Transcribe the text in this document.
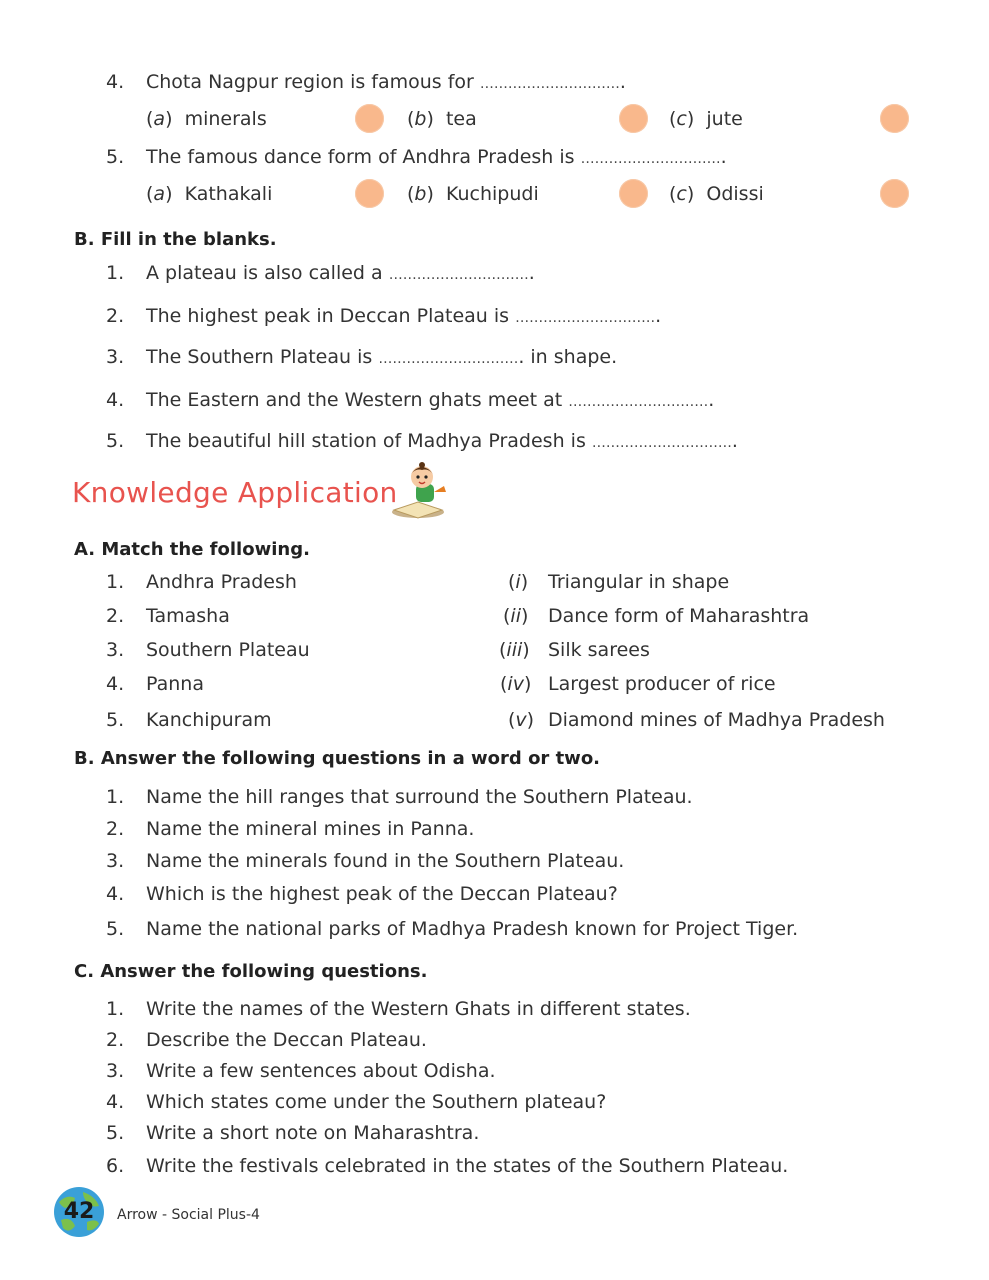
4.	Chota Nagpur region is famous for ………………………….
(a)  minerals	(b)  tea	(c)  jute
5.	The famous dance form of Andhra Pradesh is ………………………….
(a)  Kathakali	(b)  Kuchipudi	(c)  Odissi
B. Fill in the blanks.
1.	A plateau is also called a ………………………….
2.	The highest peak in Deccan Plateau is ………………………….
3.	The Southern Plateau is …………………………. in shape.
4.	The Eastern and the Western ghats meet at ………………………….
5.	The beautiful hill station of Madhya Pradesh is ………………………….
Knowledge Application
A. Match the following.
1.	Andhra Pradesh	(i) Triangular in shape
2.	Tamasha	(ii) Dance form of Maharashtra
3.	Southern Plateau	(iii) Silk sarees
4.	Panna	(iv) Largest producer of rice
5.	Kanchipuram	(v) Diamond mines of Madhya Pradesh
B. Answer the following questions in a word or two.
1.	Name the hill ranges that surround the Southern Plateau.
2.	Name the mineral mines in Panna.
3.	Name the minerals found in the Southern Plateau.
4.	Which is the highest peak of the Deccan Plateau?
5.	Name the national parks of Madhya Pradesh known for Project Tiger.
C. Answer the following questions.
1.	Write the names of the Western Ghats in different states.
2.	Describe the Deccan Plateau.
3.	Write a few sentences about Odisha.
4.	Which states come under the Southern plateau?
5.	Write a short note on Maharashtra.
6.	Write the festivals celebrated in the states of the Southern Plateau.
42	Arrow - Social Plus-4
